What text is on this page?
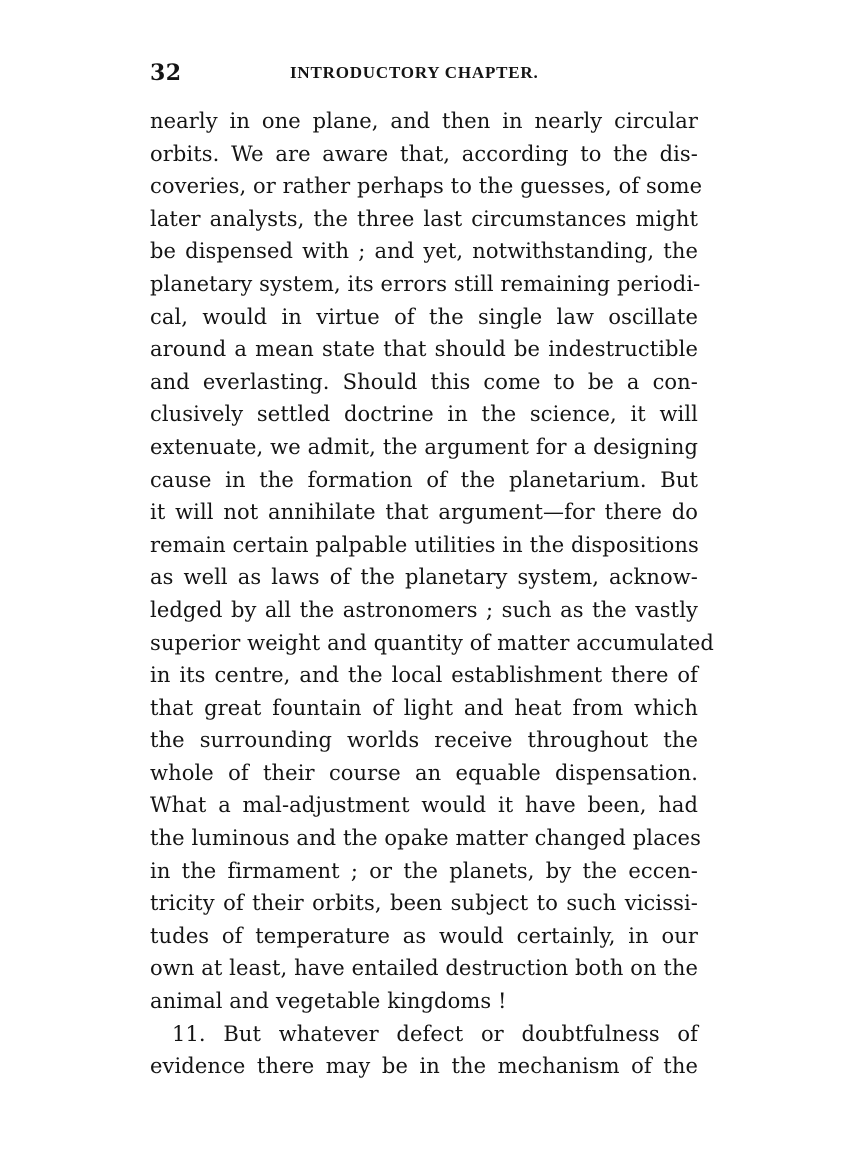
32	INTRODUCTORY CHAPTER.
nearly in one plane, and then in nearly circular
orbits. We are aware that, according to the dis-
coveries, or rather perhaps to the guesses, of some
later analysts, the three last circumstances might
be dispensed with ; and yet, notwithstanding, the
planetary system, its errors still remaining periodi-
cal, would in virtue of the single law oscillate
around a mean state that should be indestructible
and everlasting. Should this come to be a con-
clusively settled doctrine in the science, it will
extenuate, we admit, the argument for a designing
cause in the formation of the planetarium. But
it will not annihilate that argument—for there do
remain certain palpable utilities in the dispositions
as well as laws of the planetary system, acknow-
ledged by all the astronomers ; such as the vastly
superior weight and quantity of matter accumulated
in its centre, and the local establishment there of
that great fountain of light and heat from which
the surrounding worlds receive throughout the
whole of their course an equable dispensation.
What a mal-adjustment would it have been, had
the luminous and the opake matter changed places
in the firmament ; or the planets, by the eccen-
tricity of their orbits, been subject to such vicissi-
tudes of temperature as would certainly, in our
own at least, have entailed destruction both on the
animal and vegetable kingdoms !
11. But whatever defect or doubtfulness of
evidence there may be in the mechanism of the
